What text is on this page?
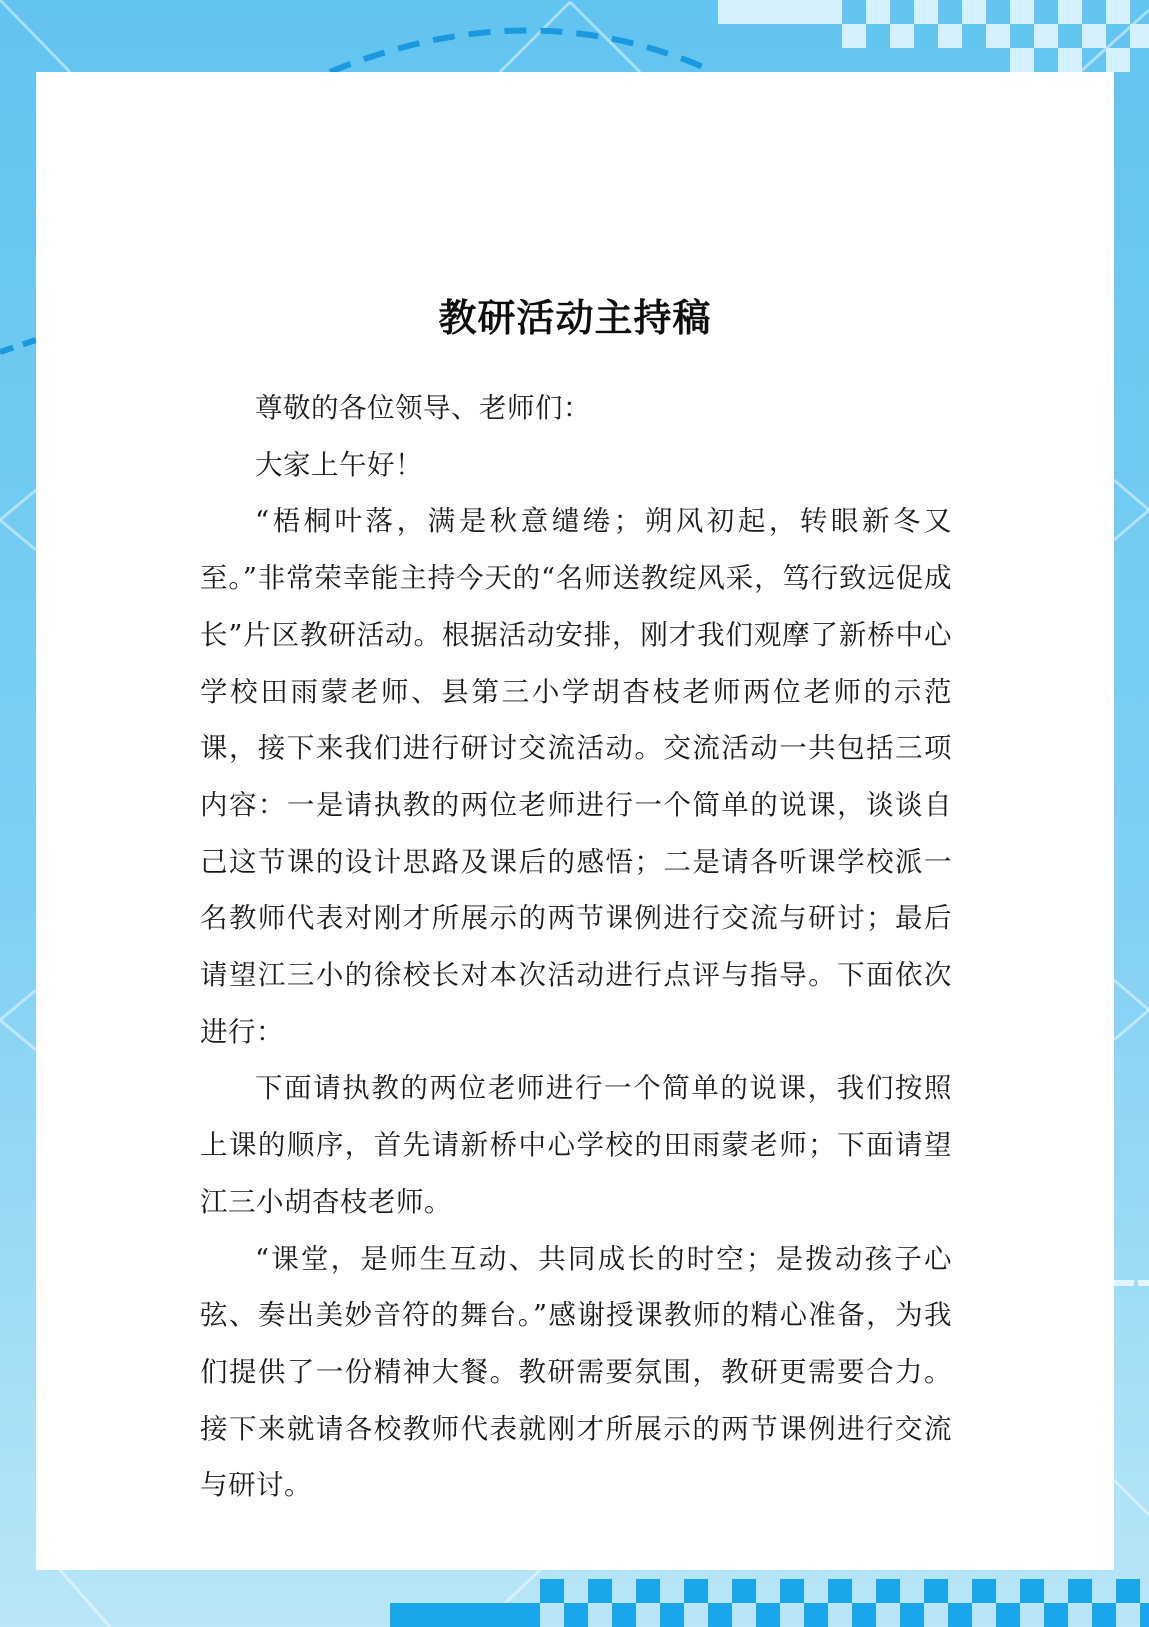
教研活动主持稿

尊敬的各位领导、老师们：

大家上午好！

“梧桐叶落，满是秋意缱绻；朔风初起，转眼新冬又至。”非常荣幸能主持今天的“名师送教绽风采，笃行致远促成长”片区教研活动。根据活动安排，刚才我们观摩了新桥中心学校田雨蒙老师、县第三小学胡杳枝老师两位老师的示范课，接下来我们进行研讨交流活动。交流活动一共包括三项内容：一是请执教的两位老师进行一个简单的说课，谈谈自己这节课的设计思路及课后的感悟；二是请各听课学校派一名教师代表对刚才所展示的两节课例进行交流与研讨；最后请望江三小的徐校长对本次活动进行点评与指导。下面依次进行：

下面请执教的两位老师进行一个简单的说课，我们按照上课的顺序，首先请新桥中心学校的田雨蒙老师；下面请望江三小胡杳枝老师。

“课堂，是师生互动、共同成长的时空；是拨动孩子心弦、奏出美妙音符的舞台。”感谢授课教师的精心准备，为我们提供了一份精神大餐。教研需要氛围，教研更需要合力。接下来就请各校教师代表就刚才所展示的两节课例进行交流与研讨。
